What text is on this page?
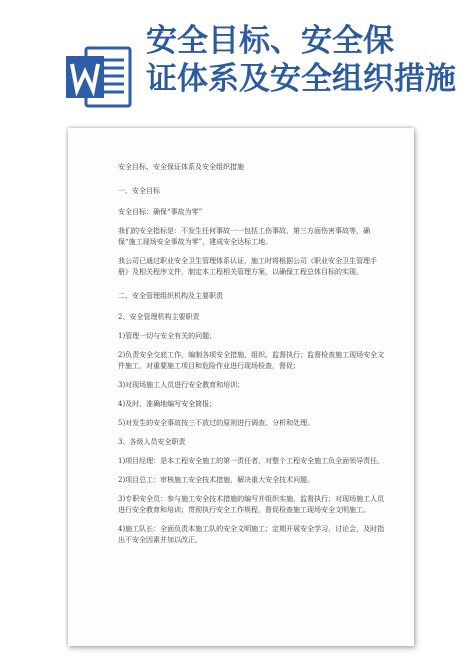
安全目标、安全保
证体系及安全组织措施

安全目标、安全保证体系及安全组织措施

一、安全目标

安全目标：确保“事故为零”

我们的安全指标是：不发生任何事故一一包括工伤事故、第三方面伤害事故等，确保“施工现场安全事故为零”，建成安全达标工地。

我公司已通过职业安全卫生管理体系认证，施工时将根据公司《职业安全卫生管理手册》及相关程序文件，制定本工程相关管理方案，以确保工程总体目标的实现。

二、安全管理组织机构及主要职责

2、安全管理机构主要职责

1)管理一切与安全有关的问题；

2)负责安全交底工作，编制各项安全措施，组织、监督执行；监督检查施工现场安全文件施工，对重要施工项目和危险作业进行现场检查，督促；

3)对现场施工人员进行安全教育和培训；

4)及时、准确地编写安全简报；

5)对发生的安全事故按三不放过的原则进行调查、分析和处理。

3、各级人员安全职责

1)项目经理：是本工程安全施工的第一责任者，对整个工程安全施工负全面领导责任。

2)项目总工：审核施工安全技术措施，解决重大安全技术问题。

3)专职安全员：参与施工安全技术措施的编写并组织实施、监督执行；对现场施工人员进行安全教育和培训；贯彻执行安全工作规程，督促检查施工现场安全文明施工。

4)施工队长：全面负责本施工队的安全文明施工；定期开展安全学习、讨论会，及时指出不安全因素并加以改正。
